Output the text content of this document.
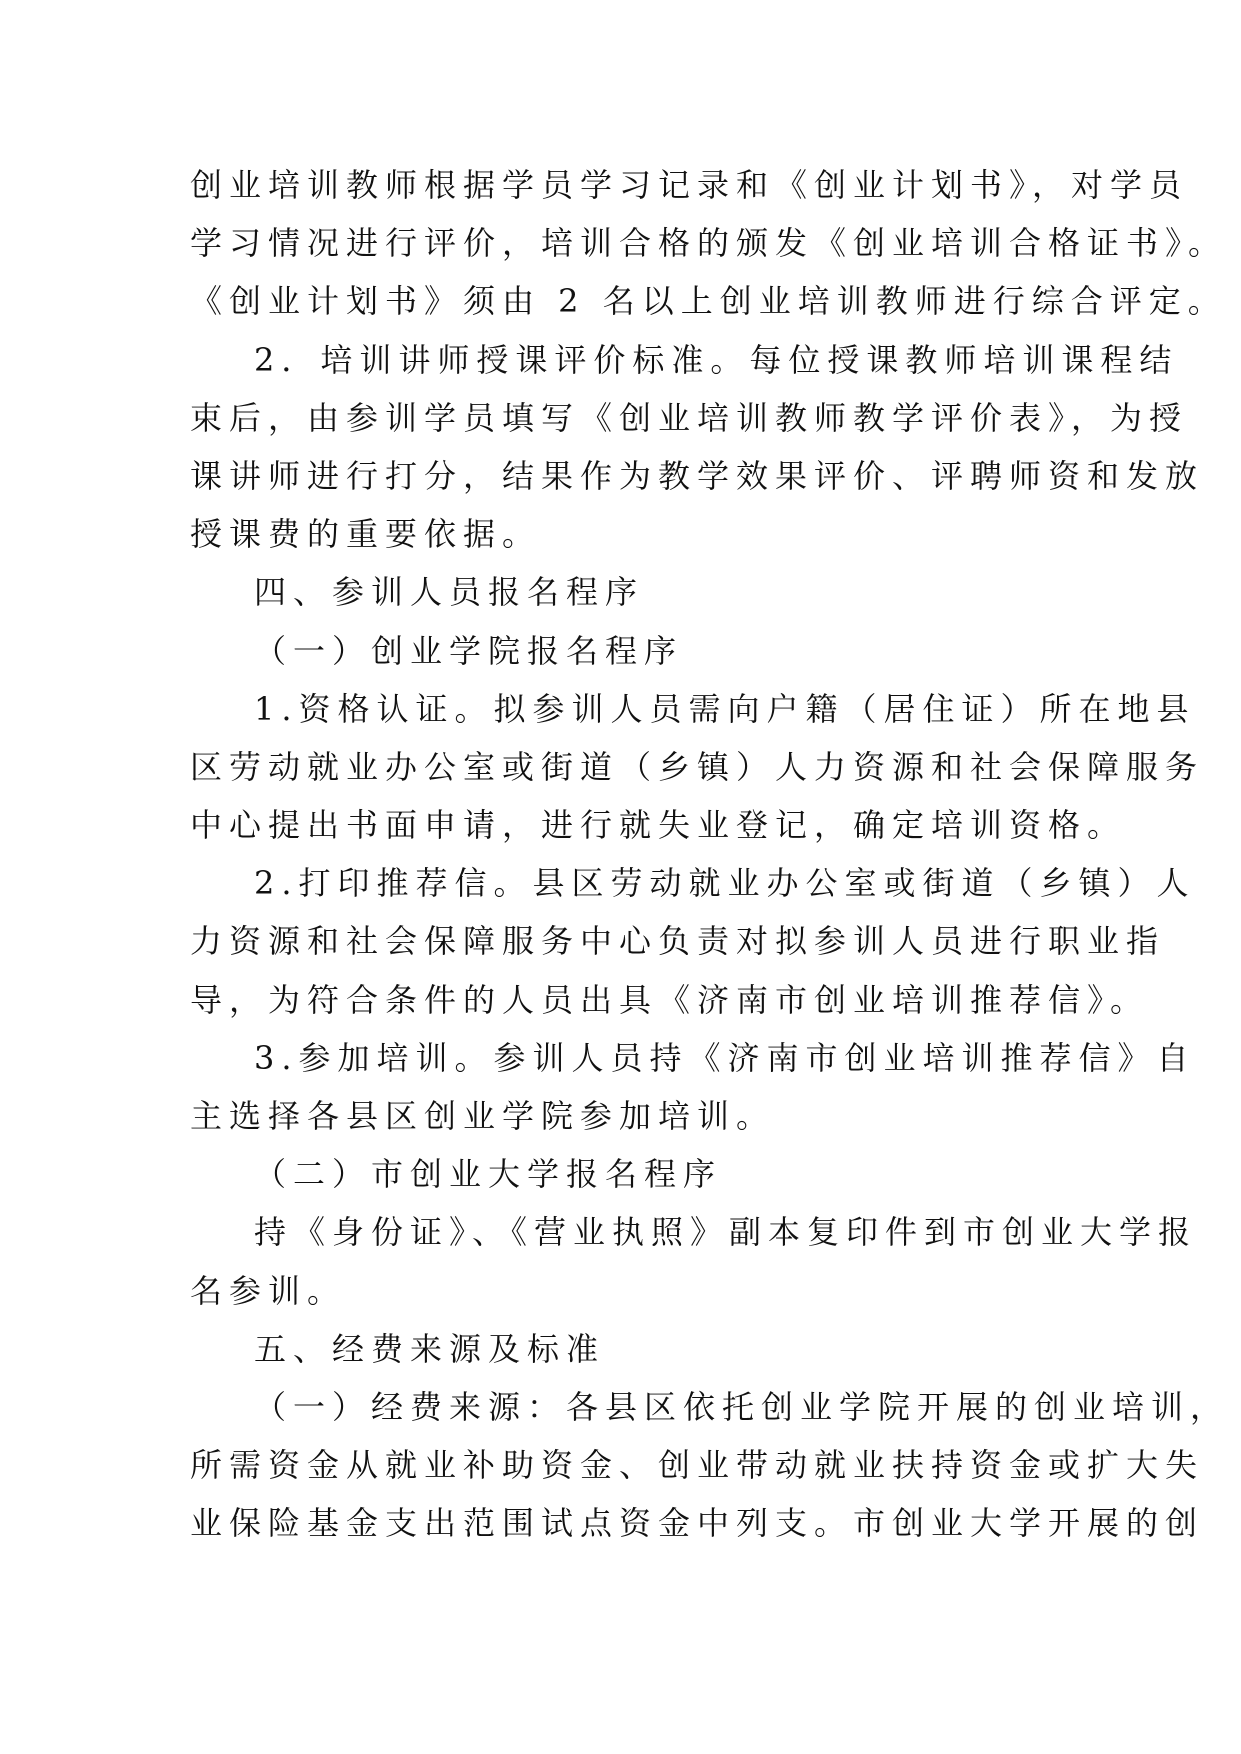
创业培训教师根据学员学习记录和《创业计划书》，对学员
学习情况进行评价，培训合格的颁发《创业培训合格证书》。
《创业计划书》须由 2 名以上创业培训教师进行综合评定。
2．培训讲师授课评价标准。每位授课教师培训课程结
束后，由参训学员填写《创业培训教师教学评价表》，为授
课讲师进行打分，结果作为教学效果评价、评聘师资和发放
授课费的重要依据。
四、参训人员报名程序
（一）创业学院报名程序
1.资格认证。拟参训人员需向户籍（居住证）所在地县
区劳动就业办公室或街道（乡镇）人力资源和社会保障服务
中心提出书面申请，进行就失业登记，确定培训资格。
2.打印推荐信。县区劳动就业办公室或街道（乡镇）人
力资源和社会保障服务中心负责对拟参训人员进行职业指
导，为符合条件的人员出具《济南市创业培训推荐信》。
3.参加培训。参训人员持《济南市创业培训推荐信》自
主选择各县区创业学院参加培训。
（二）市创业大学报名程序
持《身份证》、《营业执照》副本复印件到市创业大学报
名参训。
五、经费来源及标准
（一）经费来源：各县区依托创业学院开展的创业培训，
所需资金从就业补助资金、创业带动就业扶持资金或扩大失
业保险基金支出范围试点资金中列支。市创业大学开展的创
